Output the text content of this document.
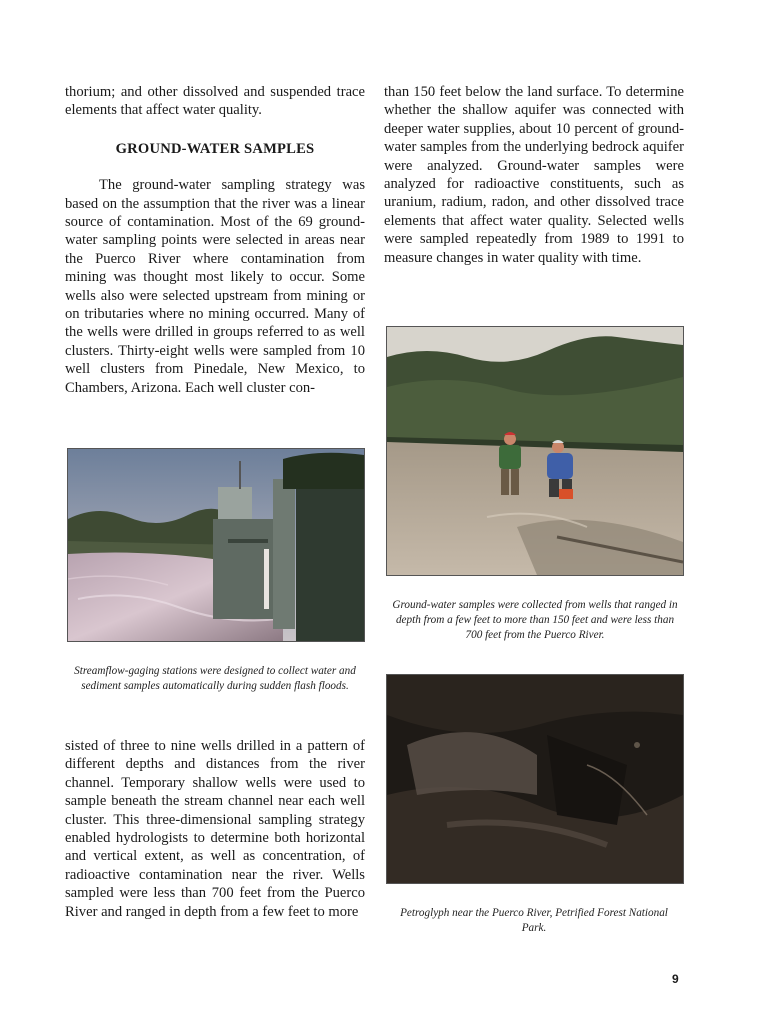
thorium; and other dissolved and suspended trace elements that affect water quality.

GROUND-WATER SAMPLES

The ground-water sampling strategy was based on the assumption that the river was a linear source of contamination. Most of the 69 ground-water sampling points were selected in areas near the Puerco River where contamination from mining was thought most likely to occur. Some wells also were selected upstream from mining or on tributaries where no mining occurred. Many of the wells were drilled in groups referred to as well clusters. Thirty-eight wells were sampled from 10 well clusters from Pinedale, New Mexico, to Chambers, Arizona. Each well cluster con-

Streamflow-gaging stations were designed to collect water and sediment samples automatically during sudden flash floods.

sisted of three to nine wells drilled in a pattern of different depths and distances from the river channel. Temporary shallow wells were used to sample beneath the stream channel near each well cluster. This three-dimensional sampling strategy enabled hydrologists to determine both horizontal and vertical extent, as well as concentration, of radioactive contamination near the river. Wells sampled were less than 700 feet from the Puerco River and ranged in depth from a few feet to more

than 150 feet below the land surface. To determine whether the shallow aquifer was connected with deeper water supplies, about 10 percent of ground-water samples from the underlying bedrock aquifer were analyzed. Ground-water samples were analyzed for radioactive constituents, such as uranium, radium, radon, and other dissolved trace elements that affect water quality. Selected wells were sampled repeatedly from 1989 to 1991 to measure changes in water quality with time.

Ground-water samples were collected from wells that ranged in depth from a few feet to more than 150 feet and were less than 700 feet from the Puerco River.
Petroglyph near the Puerco River, Petrified Forest National Park.
9
